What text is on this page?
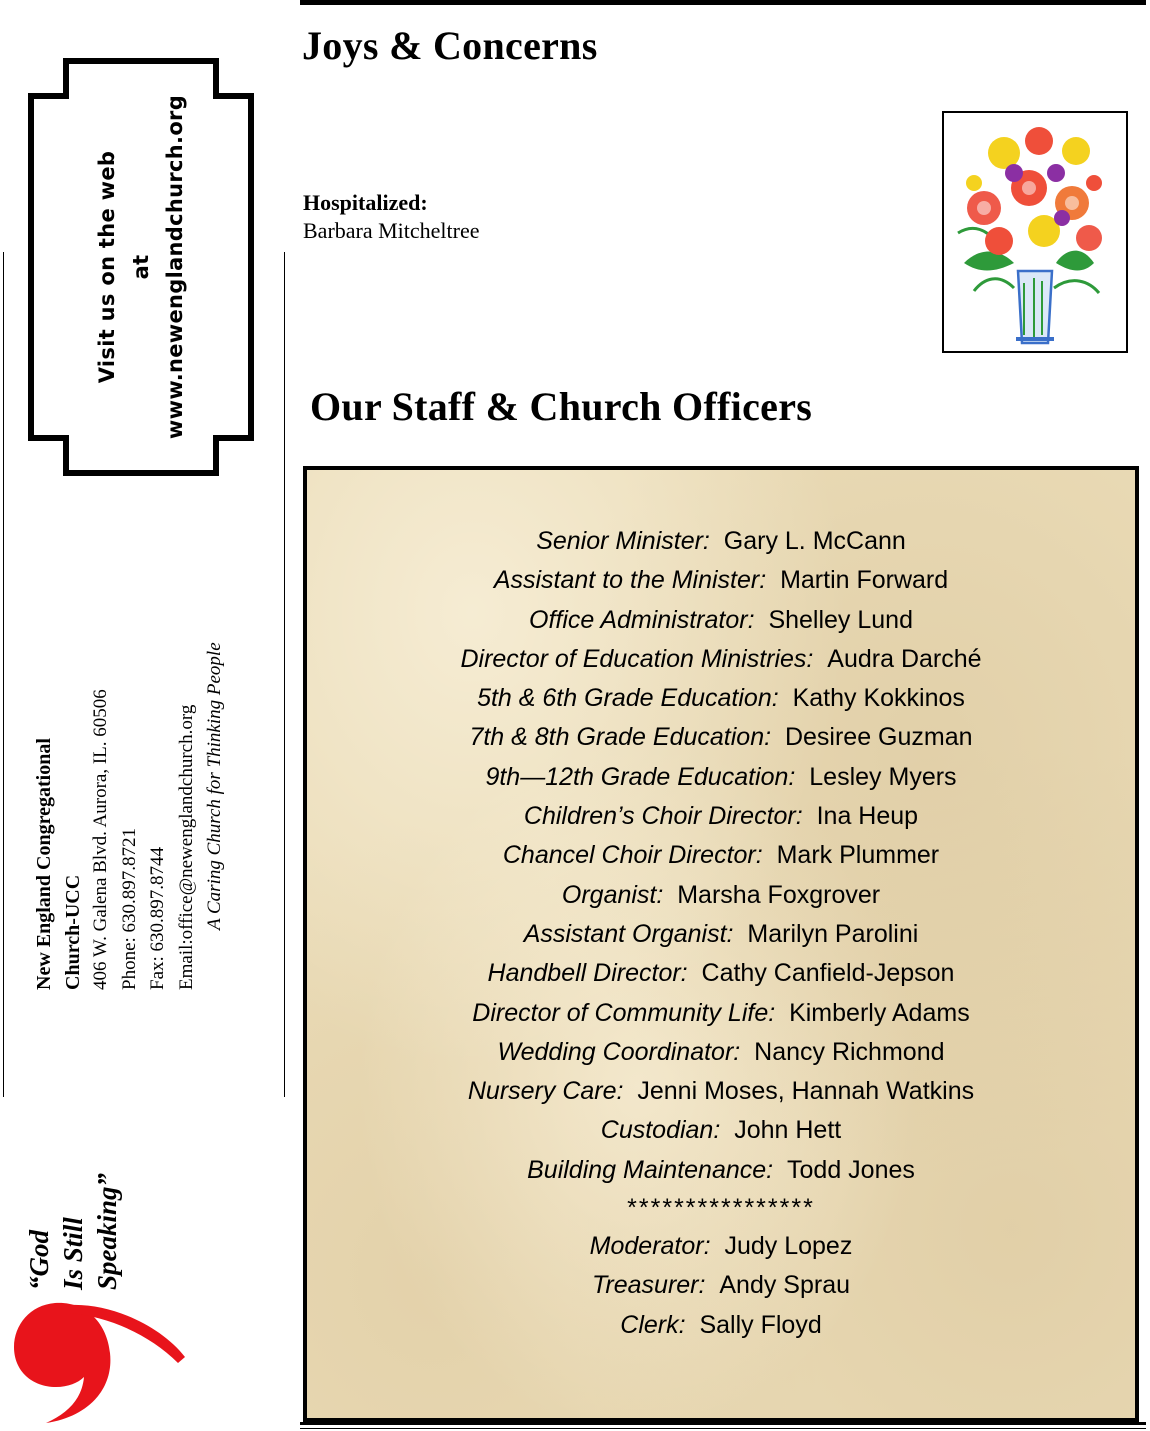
Visit us on the web at www.newenglandchurch.org
New England Congregational Church-UCC 406 W. Galena Blvd. Aurora, IL. 60506 Phone: 630.897.8721 Fax: 630.897.8744 Email:office@newenglandchurch.org A Caring Church for Thinking People
“God Is Still Speaking”
Joys & Concerns
Hospitalized:
Barbara Mitcheltree
Our Staff & Church Officers
Senior Minister: Gary L. McCann
Assistant to the Minister: Martin Forward
Office Administrator: Shelley Lund
Director of Education Ministries: Audra Darché
5th & 6th Grade Education: Kathy Kokkinos
7th & 8th Grade Education: Desiree Guzman
9th—12th Grade Education: Lesley Myers
Children’s Choir Director: Ina Heup
Chancel Choir Director: Mark Plummer
Organist: Marsha Foxgrover
Assistant Organist: Marilyn Parolini
Handbell Director: Cathy Canfield-Jepson
Director of Community Life: Kimberly Adams
Wedding Coordinator: Nancy Richmond
Nursery Care: Jenni Moses, Hannah Watkins
Custodian: John Hett
Building Maintenance: Todd Jones
****************
Moderator: Judy Lopez
Treasurer: Andy Sprau
Clerk: Sally Floyd
